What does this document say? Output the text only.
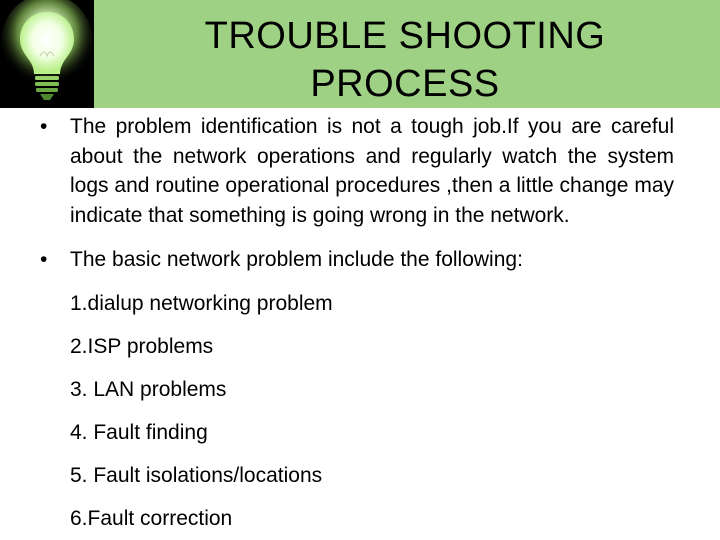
TROUBLE SHOOTING
PROCESS
• The problem identification is not a tough job.If you are careful about the network operations and regularly watch the system logs and routine operational procedures ,then a little change may indicate that something is going wrong in the network.
• The basic network problem include the following:
1.dialup networking problem
2.ISP problems
3. LAN problems
4. Fault finding
5. Fault isolations/locations
6.Fault correction
